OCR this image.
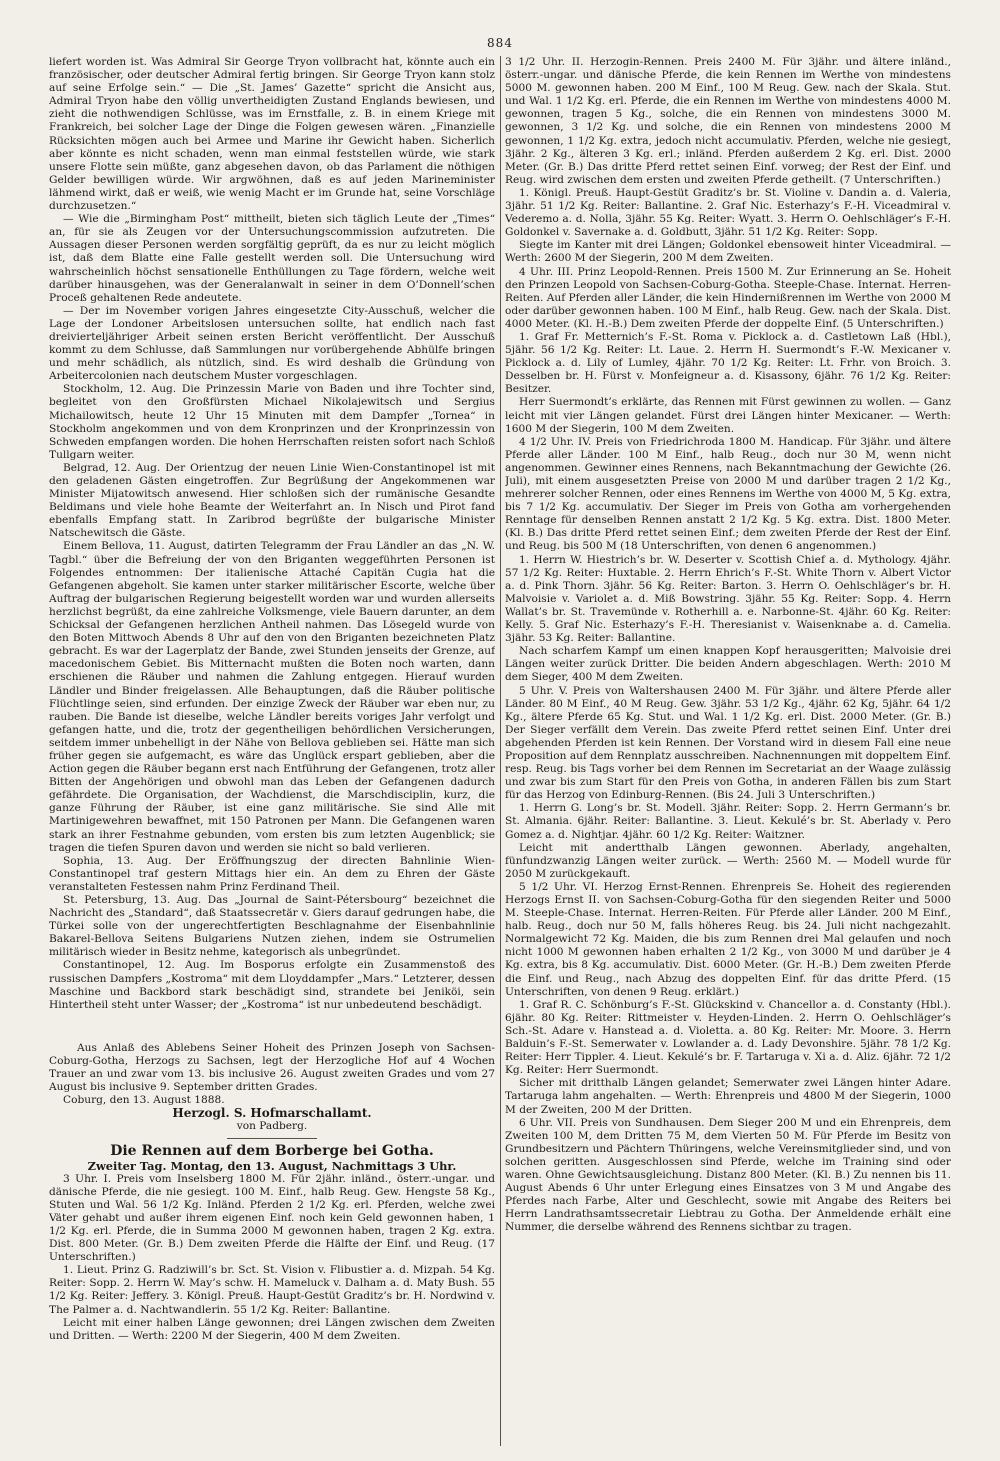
884

liefert worden ist. Was Admiral Sir George Tryon vollbracht hat, könnte auch ein französischer, oder deutscher Admiral fertig bringen. Sir George Tryon kann stolz auf seine Erfolge sein.“ — Die „St. James’ Gazette“ spricht die Ansicht aus, Admiral Tryon habe den völlig unvertheidigten Zustand Englands bewiesen, und zieht die nothwendigen Schlüsse, was im Ernstfalle, z. B. in einem Kriege mit Frankreich, bei solcher Lage der Dinge die Folgen gewesen wären. „Finanzielle Rücksichten mögen auch bei Armee und Marine ihr Gewicht haben. Sicherlich aber könnte es nicht schaden, wenn man einmal feststellen würde, wie stark unsere Flotte sein müßte, ganz abgesehen davon, ob das Parlament die nöthigen Gelder bewilligen würde. Wir argwöhnen, daß es auf jeden Marineminister lähmend wirkt, daß er weiß, wie wenig Macht er im Grunde hat, seine Vorschläge durchzusetzen.“

— Wie die „Birmingham Post“ mittheilt, bieten sich täglich Leute der „Times“ an, für sie als Zeugen vor der Untersuchungscommission aufzutreten. Die Aussagen dieser Personen werden sorgfältig geprüft, da es nur zu leicht möglich ist, daß dem Blatte eine Falle gestellt werden soll. Die Untersuchung wird wahrscheinlich höchst sensationelle Enthüllungen zu Tage fördern, welche weit darüber hinausgehen, was der Generalanwalt in seiner in dem O’Donnell’schen Proceß gehaltenen Rede andeutete.

— Der im November vorigen Jahres eingesetzte City-Ausschuß, welcher die Lage der Londoner Arbeitslosen untersuchen sollte, hat endlich nach fast dreivierteljähriger Arbeit seinen ersten Bericht veröffentlicht. Der Ausschuß kommt zu dem Schlusse, daß Sammlungen nur vorübergehende Abhülfe bringen und mehr schädlich, als nützlich, sind. Es wird deshalb die Gründung von Arbeitercolonien nach deutschem Muster vorgeschlagen.

Stockholm, 12. Aug. Die Prinzessin Marie von Baden und ihre Tochter sind, begleitet von den Großfürsten Michael Nikolajewitsch und Sergius Michailowitsch, heute 12 Uhr 15 Minuten mit dem Dampfer „Tornea“ in Stockholm angekommen und von dem Kronprinzen und der Kronprinzessin von Schweden empfangen worden. Die hohen Herrschaften reisten sofort nach Schloß Tullgarn weiter.

Belgrad, 12. Aug. Der Orientzug der neuen Linie Wien-Constantinopel ist mit den geladenen Gästen eingetroffen. Zur Begrüßung der Angekommenen war Minister Mijatowitsch anwesend. Hier schloßen sich der rumänische Gesandte Beldimans und viele hohe Beamte der Weiterfahrt an. In Nisch und Pirot fand ebenfalls Empfang statt. In Zaribrod begrüßte der bulgarische Minister Natschewitsch die Gäste.

Einem Bellova, 11. August, datirten Telegramm der Frau Ländler an das „N. W. Tagbl.“ über die Befreiung der von den Briganten weggeführten Personen ist Folgendes entnommen: Der italienische Attaché Capitän Cugia hat die Gefangenen abgeholt. Sie kamen unter starker militärischer Escorte, welche über Auftrag der bulgarischen Regierung beigestellt worden war und wurden allerseits herzlichst begrüßt, da eine zahlreiche Volksmenge, viele Bauern darunter, an dem Schicksal der Gefangenen herzlichen Antheil nahmen. Das Lösegeld wurde von den Boten Mittwoch Abends 8 Uhr auf den von den Briganten bezeichneten Platz gebracht. Es war der Lagerplatz der Bande, zwei Stunden jenseits der Grenze, auf macedonischem Gebiet. Bis Mitternacht mußten die Boten noch warten, dann erschienen die Räuber und nahmen die Zahlung entgegen. Hierauf wurden Ländler und Binder freigelassen. Alle Behauptungen, daß die Räuber politische Flüchtlinge seien, sind erfunden. Der einzige Zweck der Räuber war eben nur, zu rauben. Die Bande ist dieselbe, welche Ländler bereits voriges Jahr verfolgt und gefangen hatte, und die, trotz der gegentheiligen behördlichen Versicherungen, seitdem immer unbehelligt in der Nähe von Bellova geblieben sei. Hätte man sich früher gegen sie aufgemacht, es wäre das Unglück erspart geblieben, aber die Action gegen die Räuber begann erst nach Entführung der Gefangenen, trotz aller Bitten der Angehörigen und obwohl man das Leben der Gefangenen dadurch gefährdete. Die Organisation, der Wachdienst, die Marschdisciplin, kurz, die ganze Führung der Räuber, ist eine ganz militärische. Sie sind Alle mit Martinigewehren bewaffnet, mit 150 Patronen per Mann. Die Gefangenen waren stark an ihrer Festnahme gebunden, vom ersten bis zum letzten Augenblick; sie tragen die tiefen Spuren davon und werden sie nicht so bald verlieren.

Sophia, 13. Aug. Der Eröffnungszug der directen Bahnlinie Wien-Constantinopel traf gestern Mittags hier ein. An dem zu Ehren der Gäste veranstalteten Festessen nahm Prinz Ferdinand Theil.

St. Petersburg, 13. Aug. Das „Journal de Saint-Pétersbourg“ bezeichnet die Nachricht des „Standard“, daß Staatssecretär v. Giers darauf gedrungen habe, die Türkei solle von der ungerechtfertigten Beschlagnahme der Eisenbahnlinie Bakarel-Bellova Seitens Bulgariens Nutzen ziehen, indem sie Ostrumelien militärisch wieder in Besitz nehme, kategorisch als unbegründet.

Constantinopel, 12. Aug. Im Bosporus erfolgte ein Zusammenstoß des russischen Dampfers „Kostroma“ mit dem Lloyddampfer „Mars.“ Letzterer, dessen Maschine und Backbord stark beschädigt sind, strandete bei Jeniköi, sein Hintertheil steht unter Wasser; der „Kostroma“ ist nur unbedeutend beschädigt.

Aus Anlaß des Ablebens Seiner Hoheit des Prinzen Joseph von Sachsen-Coburg-Gotha, Herzogs zu Sachsen, legt der Herzogliche Hof auf 4 Wochen Trauer an und zwar vom 13. bis inclusive 26. August zweiten Grades und vom 27 August bis inclusive 9. September dritten Grades.

Coburg, den 13. August 1888.

Herzogl. S. Hofmarschallamt.

von Padberg.

Die Rennen auf dem Borberge bei Gotha.

Zweiter Tag. Montag, den 13. August, Nachmittags 3 Uhr.

3 Uhr. I. Preis vom Inselsberg 1800 M. Für 2jähr. inländ., österr.-ungar. und dänische Pferde, die nie gesiegt. 100 M. Einf., halb Reug. Gew. Hengste 58 Kg., Stuten und Wal. 56 1/2 Kg. Inländ. Pferden 2 1/2 Kg. erl. Pferden, welche zwei Väter gehabt und außer ihrem eigenen Einf. noch kein Geld gewonnen haben, 1 1/2 Kg. erl. Pferde, die in Summa 2000 M gewonnen haben, tragen 2 Kg. extra. Dist. 800 Meter. (Gr. B.) Dem zweiten Pferde die Hälfte der Einf. und Reug. (17 Unterschriften.)

1. Lieut. Prinz G. Radziwill’s br. Sct. St. Vision v. Flibustier a. d. Mizpah. 54 Kg. Reiter: Sopp. 2. Herrn W. May’s schw. H. Mameluck v. Dalham a. d. Maty Bush. 55 1/2 Kg. Reiter: Jeffery. 3. Königl. Preuß. Haupt-Gestüt Graditz’s br. H. Nordwind v. The Palmer a. d. Nachtwandlerin. 55 1/2 Kg. Reiter: Ballantine.

Leicht mit einer halben Länge gewonnen; drei Längen zwischen dem Zweiten und Dritten. — Werth: 2200 M der Siegerin, 400 M dem Zweiten.

3 1/2 Uhr. II. Herzogin-Rennen. Preis 2400 M. Für 3jähr. und ältere inländ., österr.-ungar. und dänische Pferde, die kein Rennen im Werthe von mindestens 5000 M. gewonnen haben. 200 M Einf., 100 M Reug. Gew. nach der Skala. Stut. und Wal. 1 1/2 Kg. erl. Pferde, die ein Rennen im Werthe von mindestens 4000 M. gewonnen, tragen 5 Kg., solche, die ein Rennen von mindestens 3000 M. gewonnen, 3 1/2 Kg. und solche, die ein Rennen von mindestens 2000 M gewonnen, 1 1/2 Kg. extra, jedoch nicht accumulativ. Pferden, welche nie gesiegt, 3jähr. 2 Kg., älteren 3 Kg. erl.; inländ. Pferden außerdem 2 Kg. erl. Dist. 2000 Meter. (Gr. B.) Das dritte Pferd rettet seinen Einf. vorweg; der Rest der Einf. und Reug. wird zwischen dem ersten und zweiten Pferde getheilt. (7 Unterschriften.)

1. Königl. Preuß. Haupt-Gestüt Graditz’s br. St. Violine v. Dandin a. d. Valeria, 3jähr. 51 1/2 Kg. Reiter: Ballantine. 2. Graf Nic. Esterhazy’s F.-H. Viceadmiral v. Vederemo a. d. Nolla, 3jähr. 55 Kg. Reiter: Wyatt. 3. Herrn O. Oehlschläger’s F.-H. Goldonkel v. Savernake a. d. Goldbutt, 3jähr. 51 1/2 Kg. Reiter: Sopp.

Siegte im Kanter mit drei Längen; Goldonkel ebensoweit hinter Viceadmiral. — Werth: 2600 M der Siegerin, 200 M dem Zweiten.

4 Uhr. III. Prinz Leopold-Rennen. Preis 1500 M. Zur Erinnerung an Se. Hoheit den Prinzen Leopold von Sachsen-Coburg-Gotha. Steeple-Chase. Internat. Herren-Reiten. Auf Pferden aller Länder, die kein Hindernißrennen im Werthe von 2000 M oder darüber gewonnen haben. 100 M Einf., halb Reug. Gew. nach der Skala. Dist. 4000 Meter. (Kl. H.-B.) Dem zweiten Pferde der doppelte Einf. (5 Unterschriften.)

1. Graf Fr. Metternich’s F.-St. Roma v. Picklock a. d. Castletown Laß (Hbl.), 5jähr. 56 1/2 Kg. Reiter: Lt. Laue. 2. Herrn H. Suermondt’s F.-W. Mexicaner v. Picklock a. d. Lily of Lumley, 4jähr. 70 1/2 Kg. Reiter: Lt. Frhr. von Broich. 3. Desselben br. H. Fürst v. Monfeigneur a. d. Kisassony, 6jähr. 76 1/2 Kg. Reiter: Besitzer.

Herr Suermondt’s erklärte, das Rennen mit Fürst gewinnen zu wollen. — Ganz leicht mit vier Längen gelandet. Fürst drei Längen hinter Mexicaner. — Werth: 1600 M der Siegerin, 100 M dem Zweiten.

4 1/2 Uhr. IV. Preis von Friedrichroda 1800 M. Handicap. Für 3jähr. und ältere Pferde aller Länder. 100 M Einf., halb Reug., doch nur 30 M, wenn nicht angenommen. Gewinner eines Rennens, nach Bekanntmachung der Gewichte (26. Juli), mit einem ausgesetzten Preise von 2000 M und darüber tragen 2 1/2 Kg., mehrerer solcher Rennen, oder eines Rennens im Werthe von 4000 M, 5 Kg. extra, bis 7 1/2 Kg. accumulativ. Der Sieger im Preis von Gotha am vorhergehenden Renntage für denselben Rennen anstatt 2 1/2 Kg. 5 Kg. extra. Dist. 1800 Meter. (Kl. B.) Das dritte Pferd rettet seinen Einf.; dem zweiten Pferde der Rest der Einf. und Reug. bis 500 M (18 Unterschriften, von denen 6 angenommen.)

1. Herrn W. Hiestrich’s br. W. Deserter v. Scottish Chief a. d. Mythology. 4jähr. 57 1/2 Kg. Reiter: Huxtable. 2. Herrn Ehrich’s F.-St. White Thorn v. Albert Victor a. d. Pink Thorn. 3jähr. 56 Kg. Reiter: Barton. 3. Herrn O. Oehlschläger’s br. H. Malvoisie v. Variolet a. d. Miß Bowstring. 3jähr. 55 Kg. Reiter: Sopp. 4. Herrn Wallat’s br. St. Travemünde v. Rotherhill a. e. Narbonne-St. 4jähr. 60 Kg. Reiter: Kelly. 5. Graf Nic. Esterhazy’s F.-H. Theresianist v. Waisenknabe a. d. Camelia. 3jähr. 53 Kg. Reiter: Ballantine.

Nach scharfem Kampf um einen knappen Kopf herausgeritten; Malvoisie drei Längen weiter zurück Dritter. Die beiden Andern abgeschlagen. Werth: 2010 M dem Sieger, 400 M dem Zweiten.

5 Uhr. V. Preis von Waltershausen 2400 M. Für 3jähr. und ältere Pferde aller Länder. 80 M Einf., 40 M Reug. Gew. 3jähr. 53 1/2 Kg., 4jähr. 62 Kg, 5jähr. 64 1/2 Kg., ältere Pferde 65 Kg. Stut. und Wal. 1 1/2 Kg. erl. Dist. 2000 Meter. (Gr. B.) Der Sieger verfällt dem Verein. Das zweite Pferd rettet seinen Einf. Unter drei abgehenden Pferden ist kein Rennen. Der Vorstand wird in diesem Fall eine neue Proposition auf dem Rennplatz ausschreiben. Nachnennungen mit doppeltem Einf. resp. Reug. bis Tags vorher bei dem Rennen im Secretariat an der Waage zulässig und zwar bis zum Start für den Preis von Gotha, in anderen Fällen bis zum Start für das Herzog von Edinburg-Rennen. (Bis 24. Juli 3 Unterschriften.)

1. Herrn G. Long’s br. St. Modell. 3jähr. Reiter: Sopp. 2. Herrn Germann’s br. St. Almania. 6jähr. Reiter: Ballantine. 3. Lieut. Kekulé’s br. St. Aberlady v. Pero Gomez a. d. Nightjar. 4jähr. 60 1/2 Kg. Reiter: Waitzner.

Leicht mit andertthalb Längen gewonnen. Aberlady, angehalten, fünfundzwanzig Längen weiter zurück. — Werth: 2560 M. — Modell wurde für 2050 M zurückgekauft.

5 1/2 Uhr. VI. Herzog Ernst-Rennen. Ehrenpreis Se. Hoheit des regierenden Herzogs Ernst II. von Sachsen-Coburg-Gotha für den siegenden Reiter und 5000 M. Steeple-Chase. Internat. Herren-Reiten. Für Pferde aller Länder. 200 M Einf., halb. Reug., doch nur 50 M, falls höheres Reug. bis 24. Juli nicht nachgezahlt. Normalgewicht 72 Kg. Maiden, die bis zum Rennen drei Mal gelaufen und noch nicht 1000 M gewonnen haben erhalten 2 1/2 Kg., von 3000 M und darüber je 4 Kg. extra, bis 8 Kg. accumulativ. Dist. 6000 Meter. (Gr. H.-B.) Dem zweiten Pferde die Einf. und Reug., nach Abzug des doppelten Einf. für das dritte Pferd. (15 Unterschriften, von denen 9 Reug. erklärt.)

1. Graf R. C. Schönburg’s F.-St. Glückskind v. Chancellor a. d. Constanty (Hbl.). 6jähr. 80 Kg. Reiter: Rittmeister v. Heyden-Linden. 2. Herrn O. Oehlschläger’s Sch.-St. Adare v. Hanstead a. d. Violetta. a. 80 Kg. Reiter: Mr. Moore. 3. Herrn Balduin’s F.-St. Semerwater v. Lowlander a. d. Lady Devonshire. 5jähr. 78 1/2 Kg. Reiter: Herr Tippler. 4. Lieut. Kekulé’s br. F. Tartaruga v. Xi a. d. Aliz. 6jähr. 72 1/2 Kg. Reiter: Herr Suermondt.

Sicher mit dritthalb Längen gelandet; Semerwater zwei Längen hinter Adare. Tartaruga lahm angehalten. — Werth: Ehrenpreis und 4800 M der Siegerin, 1000 M der Zweiten, 200 M der Dritten.

6 Uhr. VII. Preis von Sundhausen. Dem Sieger 200 M und ein Ehrenpreis, dem Zweiten 100 M, dem Dritten 75 M, dem Vierten 50 M. Für Pferde im Besitz von Grundbesitzern und Pächtern Thüringens, welche Vereinsmitglieder sind, und von solchen geritten. Ausgeschlossen sind Pferde, welche im Training sind oder waren. Ohne Gewichtsausgleichung. Distanz 800 Meter. (Kl. B.) Zu nennen bis 11. August Abends 6 Uhr unter Erlegung eines Einsatzes von 3 M und Angabe des Pferdes nach Farbe, Alter und Geschlecht, sowie mit Angabe des Reiters bei Herrn Landrathsamtssecretair Liebtrau zu Gotha. Der Anmeldende erhält eine Nummer, die derselbe während des Rennens sichtbar zu tragen.
